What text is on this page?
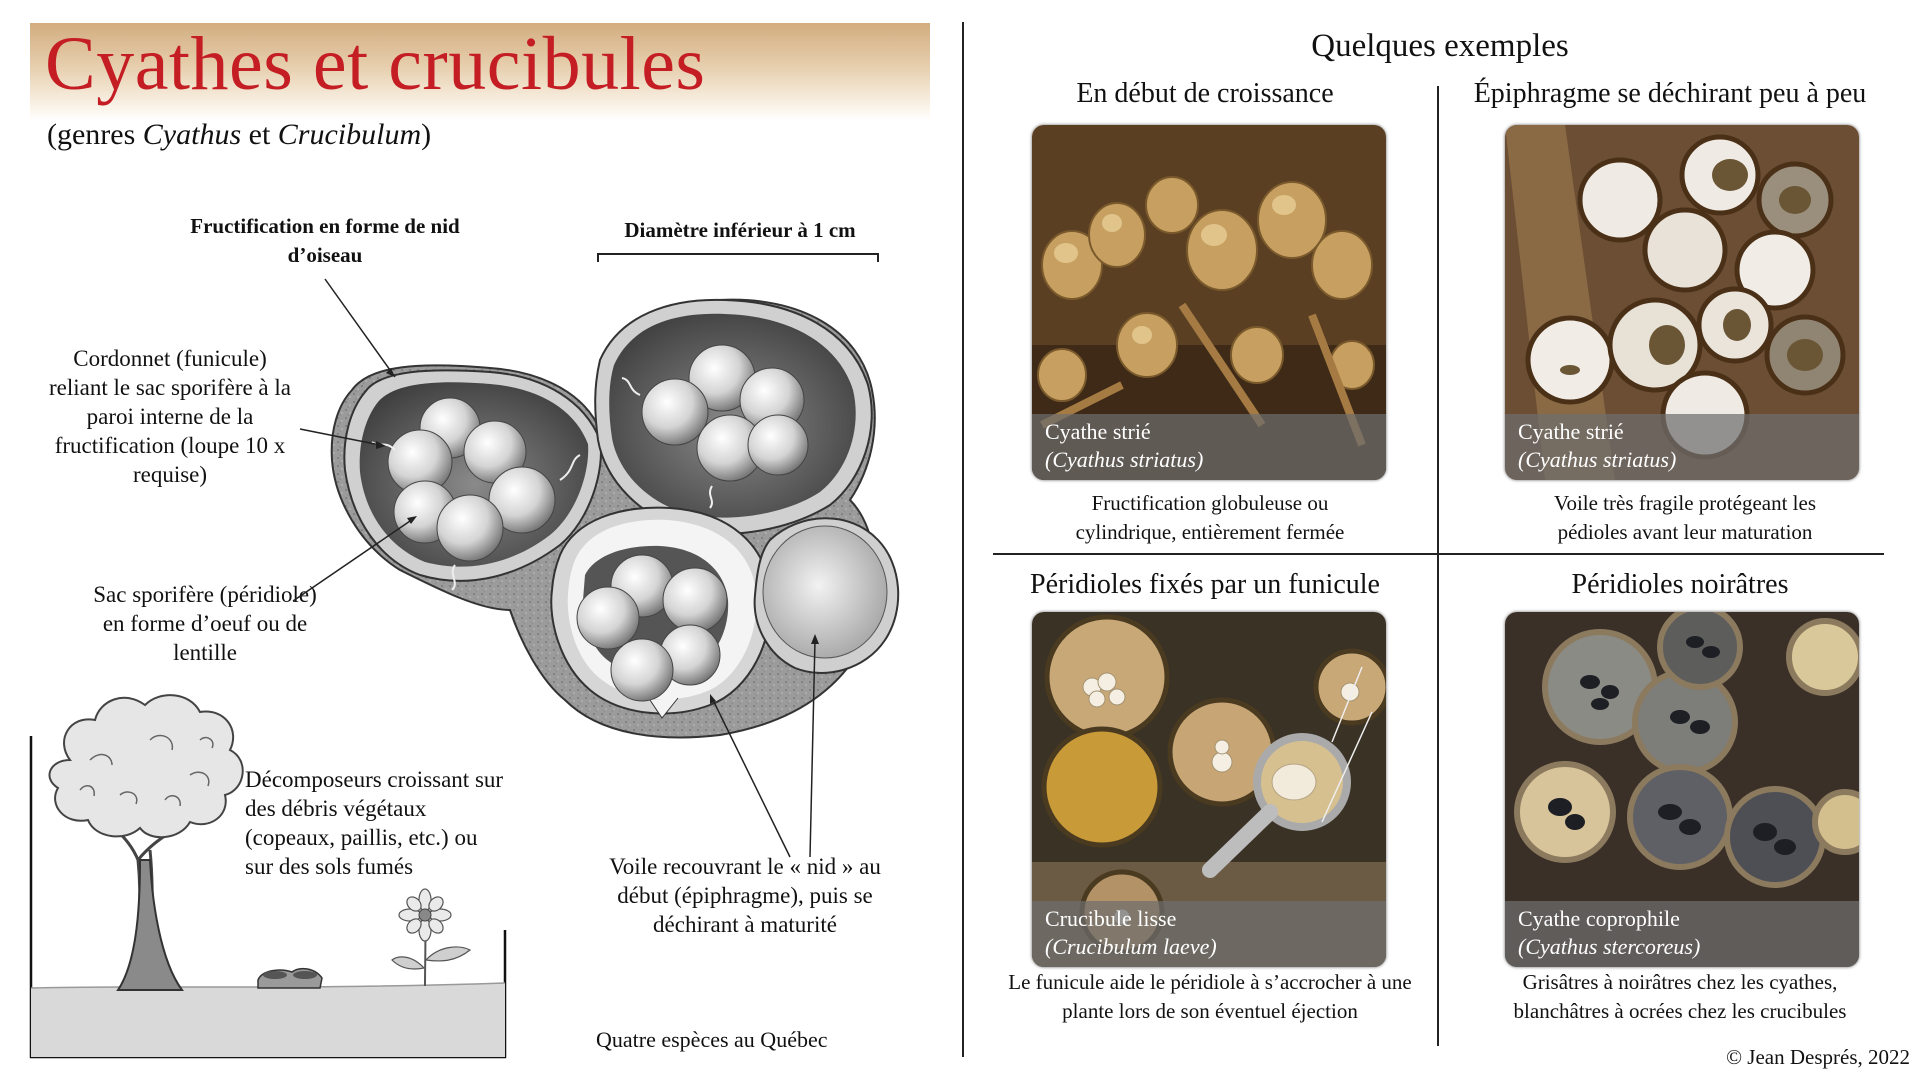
Cyathes et crucibules
(genres Cyathus et Crucibulum)
Fructification en forme de nid d’oiseau
Diamètre inférieur à 1 cm
Cordonnet (funicule) reliant le sac sporifère à la paroi interne de la fructification (loupe 10 x requise)
Sac sporifère (péridiole) en forme d’oeuf ou de lentille
Voile recouvrant le « nid » au début (épiphragme), puis se déchirant à maturité
Décomposeurs croissant sur des débris végétaux (copeaux, paillis, etc.) ou sur des sols fumés
Quatre espèces au Québec
Quelques exemples
En début de croissance
Cyathe strié
(Cyathus striatus)
Fructification globuleuse ou cylindrique, entièrement fermée
Épiphragme se déchirant peu à peu
Cyathe strié
(Cyathus striatus)
Voile très fragile protégeant les pédioles avant leur maturation
Péridioles fixés par un funicule
Crucibule lisse
(Crucibulum laeve)
Le funicule aide le péridiole à s’accrocher à une plante lors de son éventuel éjection
Péridioles noirâtres
Cyathe coprophile
(Cyathus stercoreus)
Grisâtres à noirâtres chez les cyathes, blanchâtres à ocrées chez les crucibules
© Jean Després, 2022
